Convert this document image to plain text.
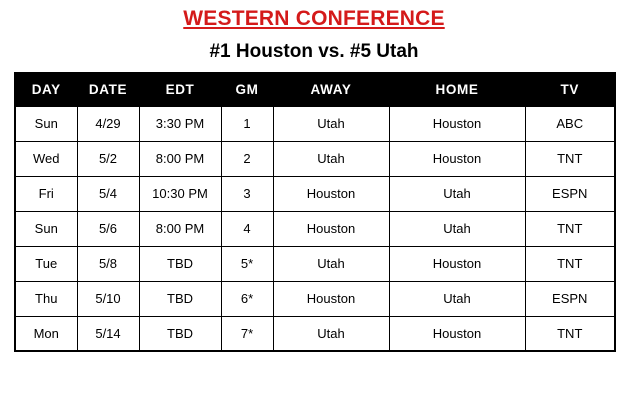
WESTERN CONFERENCE
#1 Houston vs. #5 Utah
DAY	DATE	EDT	GM	AWAY	HOME	TV
Sun	4/29	3:30 PM	1	Utah	Houston	ABC
Wed	5/2	8:00 PM	2	Utah	Houston	TNT
Fri	5/4	10:30 PM	3	Houston	Utah	ESPN
Sun	5/6	8:00 PM	4	Houston	Utah	TNT
Tue	5/8	TBD	5*	Utah	Houston	TNT
Thu	5/10	TBD	6*	Houston	Utah	ESPN
Mon	5/14	TBD	7*	Utah	Houston	TNT
